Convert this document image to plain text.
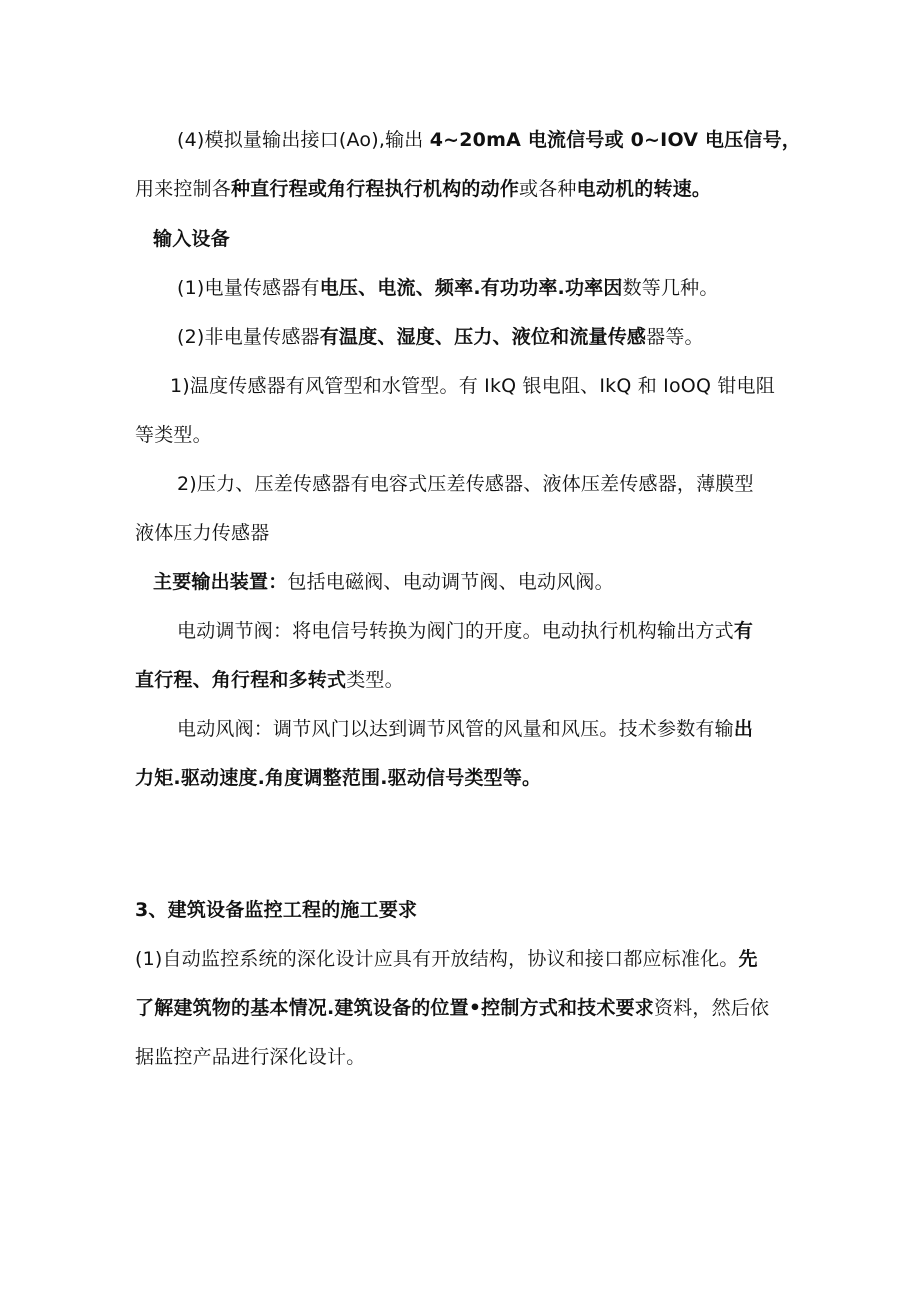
(4)模拟量输出接口(Ao),输出 4~20mA 电流信号或 0~IOV 电压信号，
用来控制各种直行程或角行程执行机构的动作或各种电动机的转速。
输入设备
(1)电量传感器有电压、电流、频率.有功功率.功率因数等几种。
(2)非电量传感器有温度、湿度、压力、液位和流量传感器等。
1)温度传感器有风管型和水管型。有 IkQ 银电阻、IkQ 和 IoOQ 钳电阻
等类型。
2)压力、压差传感器有电容式压差传感器、液体压差传感器，薄膜型
液体压力传感器
主要输出装置：包括电磁阀、电动调节阀、电动风阀。
电动调节阀：将电信号转换为阀门的开度。电动执行机构输出方式有
直行程、角行程和多转式类型。
电动风阀：调节风门以达到调节风管的风量和风压。技术参数有输出
力矩.驱动速度.角度调整范围.驱动信号类型等。
3、建筑设备监控工程的施工要求
(1)自动监控系统的深化设计应具有开放结构，协议和接口都应标准化。先
了解建筑物的基本情况.建筑设备的位置•控制方式和技术要求资料，然后依
据监控产品进行深化设计。
